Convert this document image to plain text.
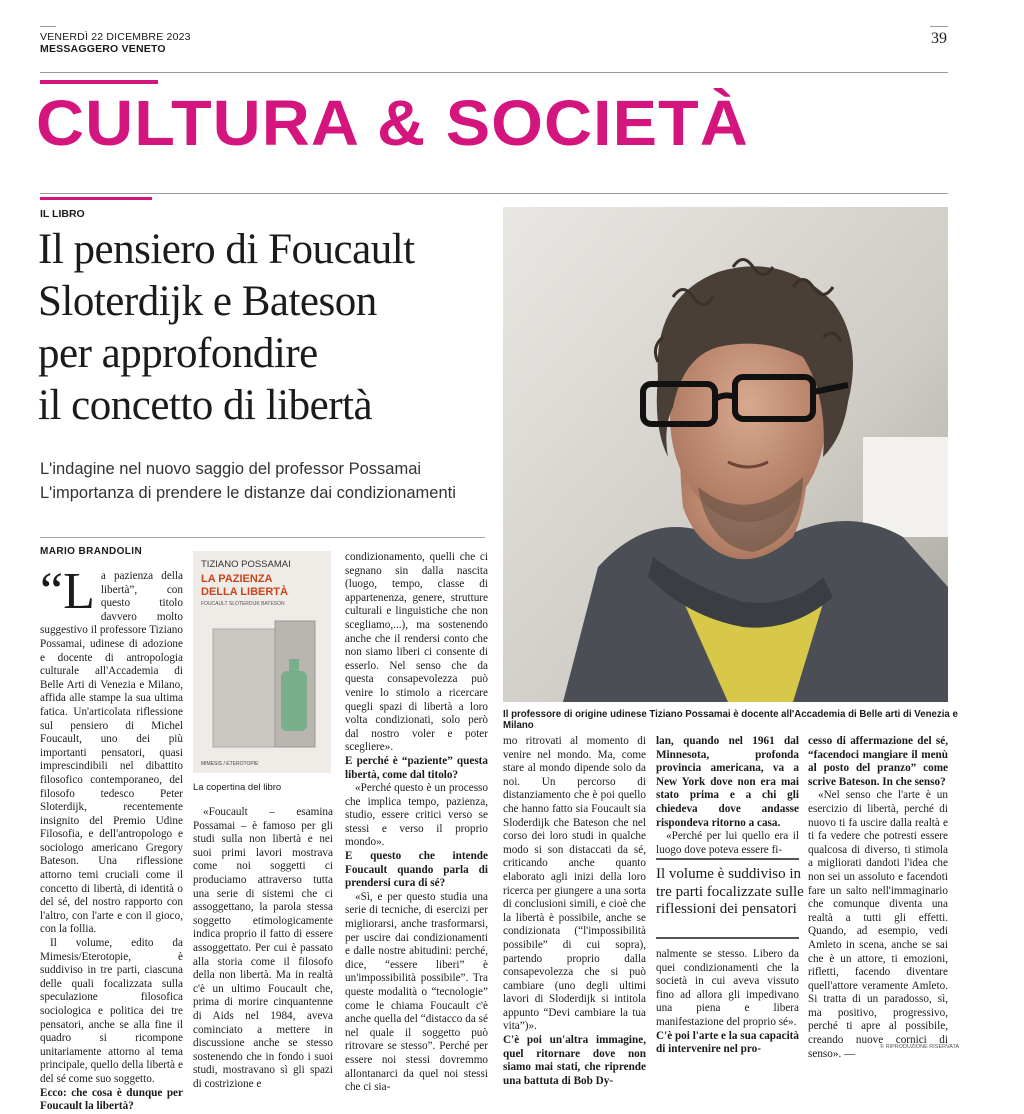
VENERDÌ 22 DICEMBRE 2023
MESSAGGERO VENETO
39
CULTURA & SOCIETÀ
IL LIBRO
Il pensiero di Foucault
Sloterdijk e Bateson
per approfondire
il concetto di libertà
L'indagine nel nuovo saggio del professor Possamai
L'importanza di prendere le distanze dai condizionamenti
MARIO BRANDOLIN
Il professore di origine udinese Tiziano Possamai è docente all'Accademia di Belle arti di Venezia e Milano

“La pazienza della libertà”, con questo titolo davvero molto suggestivo il professore Tiziano Possamai, udinese di adozione e docente di antropologia culturale all'Accademia di Belle Arti di Venezia e Milano, affida alle stampe la sua ultima fatica. Un'articolata riflessione sul pensiero di Michel Foucault, uno dei più importanti pensatori, quasi imprescindibili nel dibattito filosofico contemporaneo, del filosofo tedesco Peter Sloterdijk, recentemente insignito del Premio Udine Filosofia, e dell'antropologo e sociologo americano Gregory Bateson. Una riflessione attorno temi cruciali come il concetto di libertà, di identità o del sé, del nostro rapporto con l'altro, con l'arte e con il gioco, con la follia.

Il volume, edito da Mimesis/Eterotopie, è suddiviso in tre parti, ciascuna delle quali focalizzata sulla speculazione filosofica sociologica e politica dei tre pensatori, anche se alla fine il quadro si ricompone unitariamente attorno al tema principale, quello della libertà e del sé come suo soggetto.

Ecco: che cosa è dunque per Foucault la libertà?

TIZIANO POSSAMAI
LA PAZIENZA
DELLA LIBERTÀ
FOUCAULT SLOTERDIJK BATESON
MIMESIS / ETEROTOPIE
La copertina del libro

«Foucault – esamina Possamai – è famoso per gli studi sulla non libertà e nei suoi primi lavori mostrava come noi soggetti ci produciamo attraverso tutta una serie di sistemi che ci assoggettano, la parola stessa soggetto etimologicamente indica proprio il fatto di essere assoggettato. Per cui è passato alla storia come il filosofo della non libertà. Ma in realtà c'è un ultimo Foucault che, prima di morire cinquantenne di Aids nel 1984, aveva cominciato a mettere in discussione anche se stesso sostenendo che in fondo i suoi studi, mostravano sì gli spazi di costrizione e

condizionamento, quelli che ci segnano sin dalla nascita (luogo, tempo, classe di appartenenza, genere, strutture culturali e linguistiche che non scegliamo,...), ma sostenendo anche che il rendersi conto che non siamo liberi ci consente di esserlo. Nel senso che da questa consapevolezza può venire lo stimolo a ricercare quegli spazi di libertà a loro volta condizionati, solo però dal nostro voler e poter scegliere».

E perché è “paziente” questa libertà, come dal titolo?

«Perché questo è un processo che implica tempo, pazienza, studio, essere critici verso se stessi e verso il proprio mondo».

E questo che intende Foucault quando parla di prendersi cura di sé?

«Sì, e per questo studia una serie di tecniche, di esercizi per migliorarsi, anche trasformarsi, per uscire dai condizionamenti e dalle nostre abitudini: perché, dice, “essere liberi” è un'impossibilità possibile”. Tra queste modalità o “tecnologie” come le chiama Foucault c'è anche quella del “distacco da sé nel quale il soggetto può ritrovare se stesso”. Perché per essere noi stessi dovremmo allontanarci da quel noi stessi che ci sia-

mo ritrovati al momento di venire nel mondo. Ma, come stare al mondo dipende solo da noi. Un percorso di distanziamento che è poi quello che hanno fatto sia Foucault sia Sloderdijk che Bateson che nel corso dei loro studi in qualche modo si son distaccati da sé, criticando anche quanto elaborato agli inizi della loro ricerca per giungere a una sorta di conclusioni simili, e cioè che la libertà è possibile, anche se condizionata (“l'impossibilità possibile” di cui sopra), partendo proprio dalla consapevolezza che si può cambiare (uno degli ultimi lavori di Sloderdijk si intitola appunto “Devi cambiare la tua vita”)».

C'è poi un'altra immagine, quel ritornare dove non siamo mai stati, che riprende una battuta di Bob Dy-

lan, quando nel 1961 dal Minnesota, profonda provincia americana, va a New York dove non era mai stato prima e a chi gli chiedeva dove andasse rispondeva ritorno a casa.

«Perché per lui quello era il luogo dove poteva essere fi-

Il volume è suddiviso in tre parti focalizzate sulle riflessioni dei pensatori

nalmente se stesso. Libero da quei condizionamenti che la società in cui aveva vissuto fino ad allora gli impedivano una piena e libera manifestazione del proprio sé».

C'è poi l'arte e la sua capacità di intervenire nel pro-

cesso di affermazione del sé, “facendoci mangiare il menù al posto del pranzo” come scrive Bateson. In che senso?

«Nel senso che l'arte è un esercizio di libertà, perché di nuovo ti fa uscire dalla realtà e ti fa vedere che potresti essere qualcosa di diverso, ti stimola a migliorati dandoti l'idea che non sei un assoluto e facendoti fare un salto nell'immaginario che comunque diventa una realtà a tutti gli effetti. Quando, ad esempio, vedi Amleto in scena, anche se sai che è un attore, ti emozioni, rifletti, facendo diventare quell'attore veramente Amleto. Si tratta di un paradosso, sì, ma positivo, progressivo, perché ti apre al possibile, creando nuove cornici di senso». —

© RIPRODUZIONE RISERVATA
